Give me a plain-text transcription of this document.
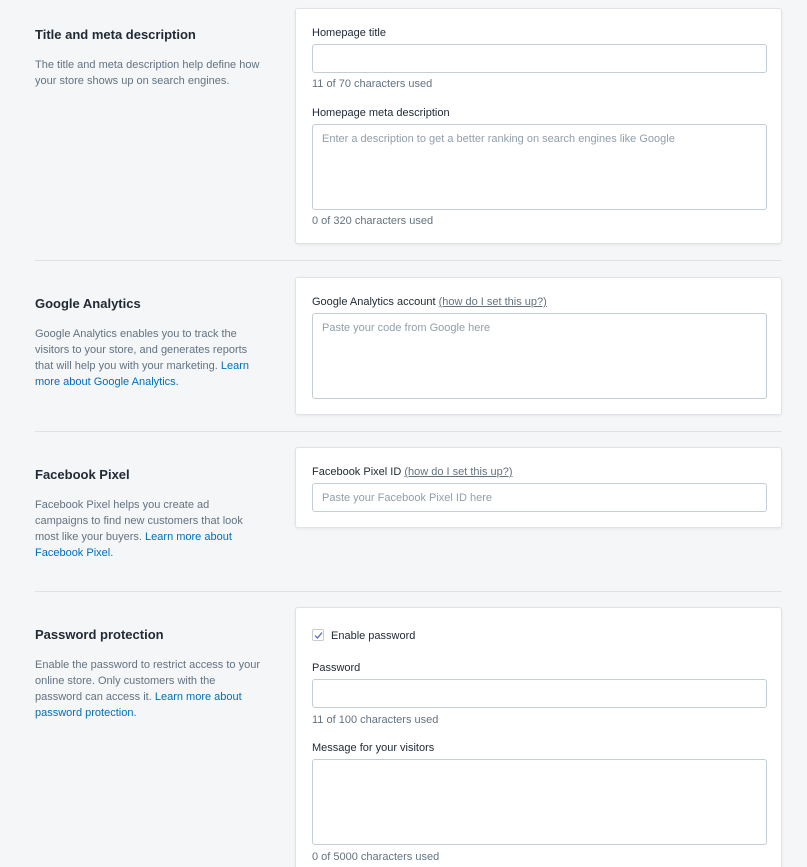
Title and meta description

The title and meta description help define how your store shows up on search engines.

Homepage title
11 of 70 characters used
Homepage meta description
Enter a description to get a better ranking on search engines like Google
0 of 320 characters used
Google Analytics

Google Analytics enables you to track the visitors to your store, and generates reports that will help you with your marketing. Learn more about Google Analytics.

Google Analytics account (how do I set this up?)
Paste your code from Google here
Facebook Pixel

Facebook Pixel helps you create ad campaigns to find new customers that look most like your buyers. Learn more about Facebook Pixel.

Facebook Pixel ID (how do I set this up?)
Paste your Facebook Pixel ID here
Password protection

Enable the password to restrict access to your online store. Only customers with the password can access it. Learn more about password protection.

Enable password
Password
11 of 100 characters used
Message for your visitors
0 of 5000 characters used
